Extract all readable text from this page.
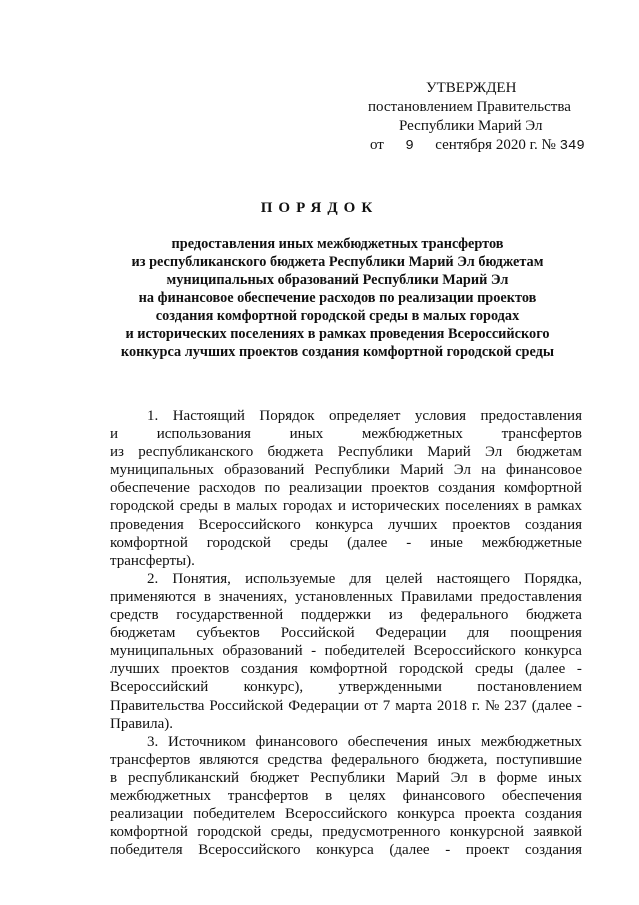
УТВЕРЖДЕН
постановлением Правительства
Республики Марий Эл
от 9 сентября 2020 г. № 349
ПОРЯДОК
предоставления иных межбюджетных трансфертов
из республиканского бюджета Республики Марий Эл бюджетам
муниципальных образований Республики Марий Эл
на финансовое обеспечение расходов по реализации проектов
создания комфортной городской среды в малых городах
и исторических поселениях в рамках проведения Всероссийского
конкурса лучших проектов создания комфортной городской среды
1. Настоящий Порядок определяет условия предоставления
и	использования	иных	межбюджетных	трансфертов
из республиканского бюджета Республики Марий Эл бюджетам
муниципальных образований Республики Марий Эл на финансовое
обеспечение расходов по реализации проектов создания комфортной
городской среды в малых городах и исторических поселениях в рамках
проведения Всероссийского конкурса лучших проектов создания
комфортной городской среды (далее - иные межбюджетные
трансферты).
2. Понятия, используемые для целей настоящего Порядка,
применяются в значениях, установленных Правилами предоставления
средств государственной поддержки из федерального бюджета
бюджетам субъектов Российской Федерации для поощрения
муниципальных образований - победителей Всероссийского конкурса
лучших проектов создания комфортной городской среды (далее -
Всероссийский конкурс), утвержденными постановлением
Правительства Российской Федерации от 7 марта 2018 г. № 237 (далее -
Правила).
3. Источником финансового обеспечения иных межбюджетных
трансфертов являются средства федерального бюджета, поступившие
в республиканский бюджет Республики Марий Эл в форме иных
межбюджетных трансфертов в целях финансового обеспечения
реализации победителем Всероссийского конкурса проекта создания
комфортной городской среды, предусмотренного конкурсной заявкой
победителя Всероссийского конкурса (далее - проект создания
